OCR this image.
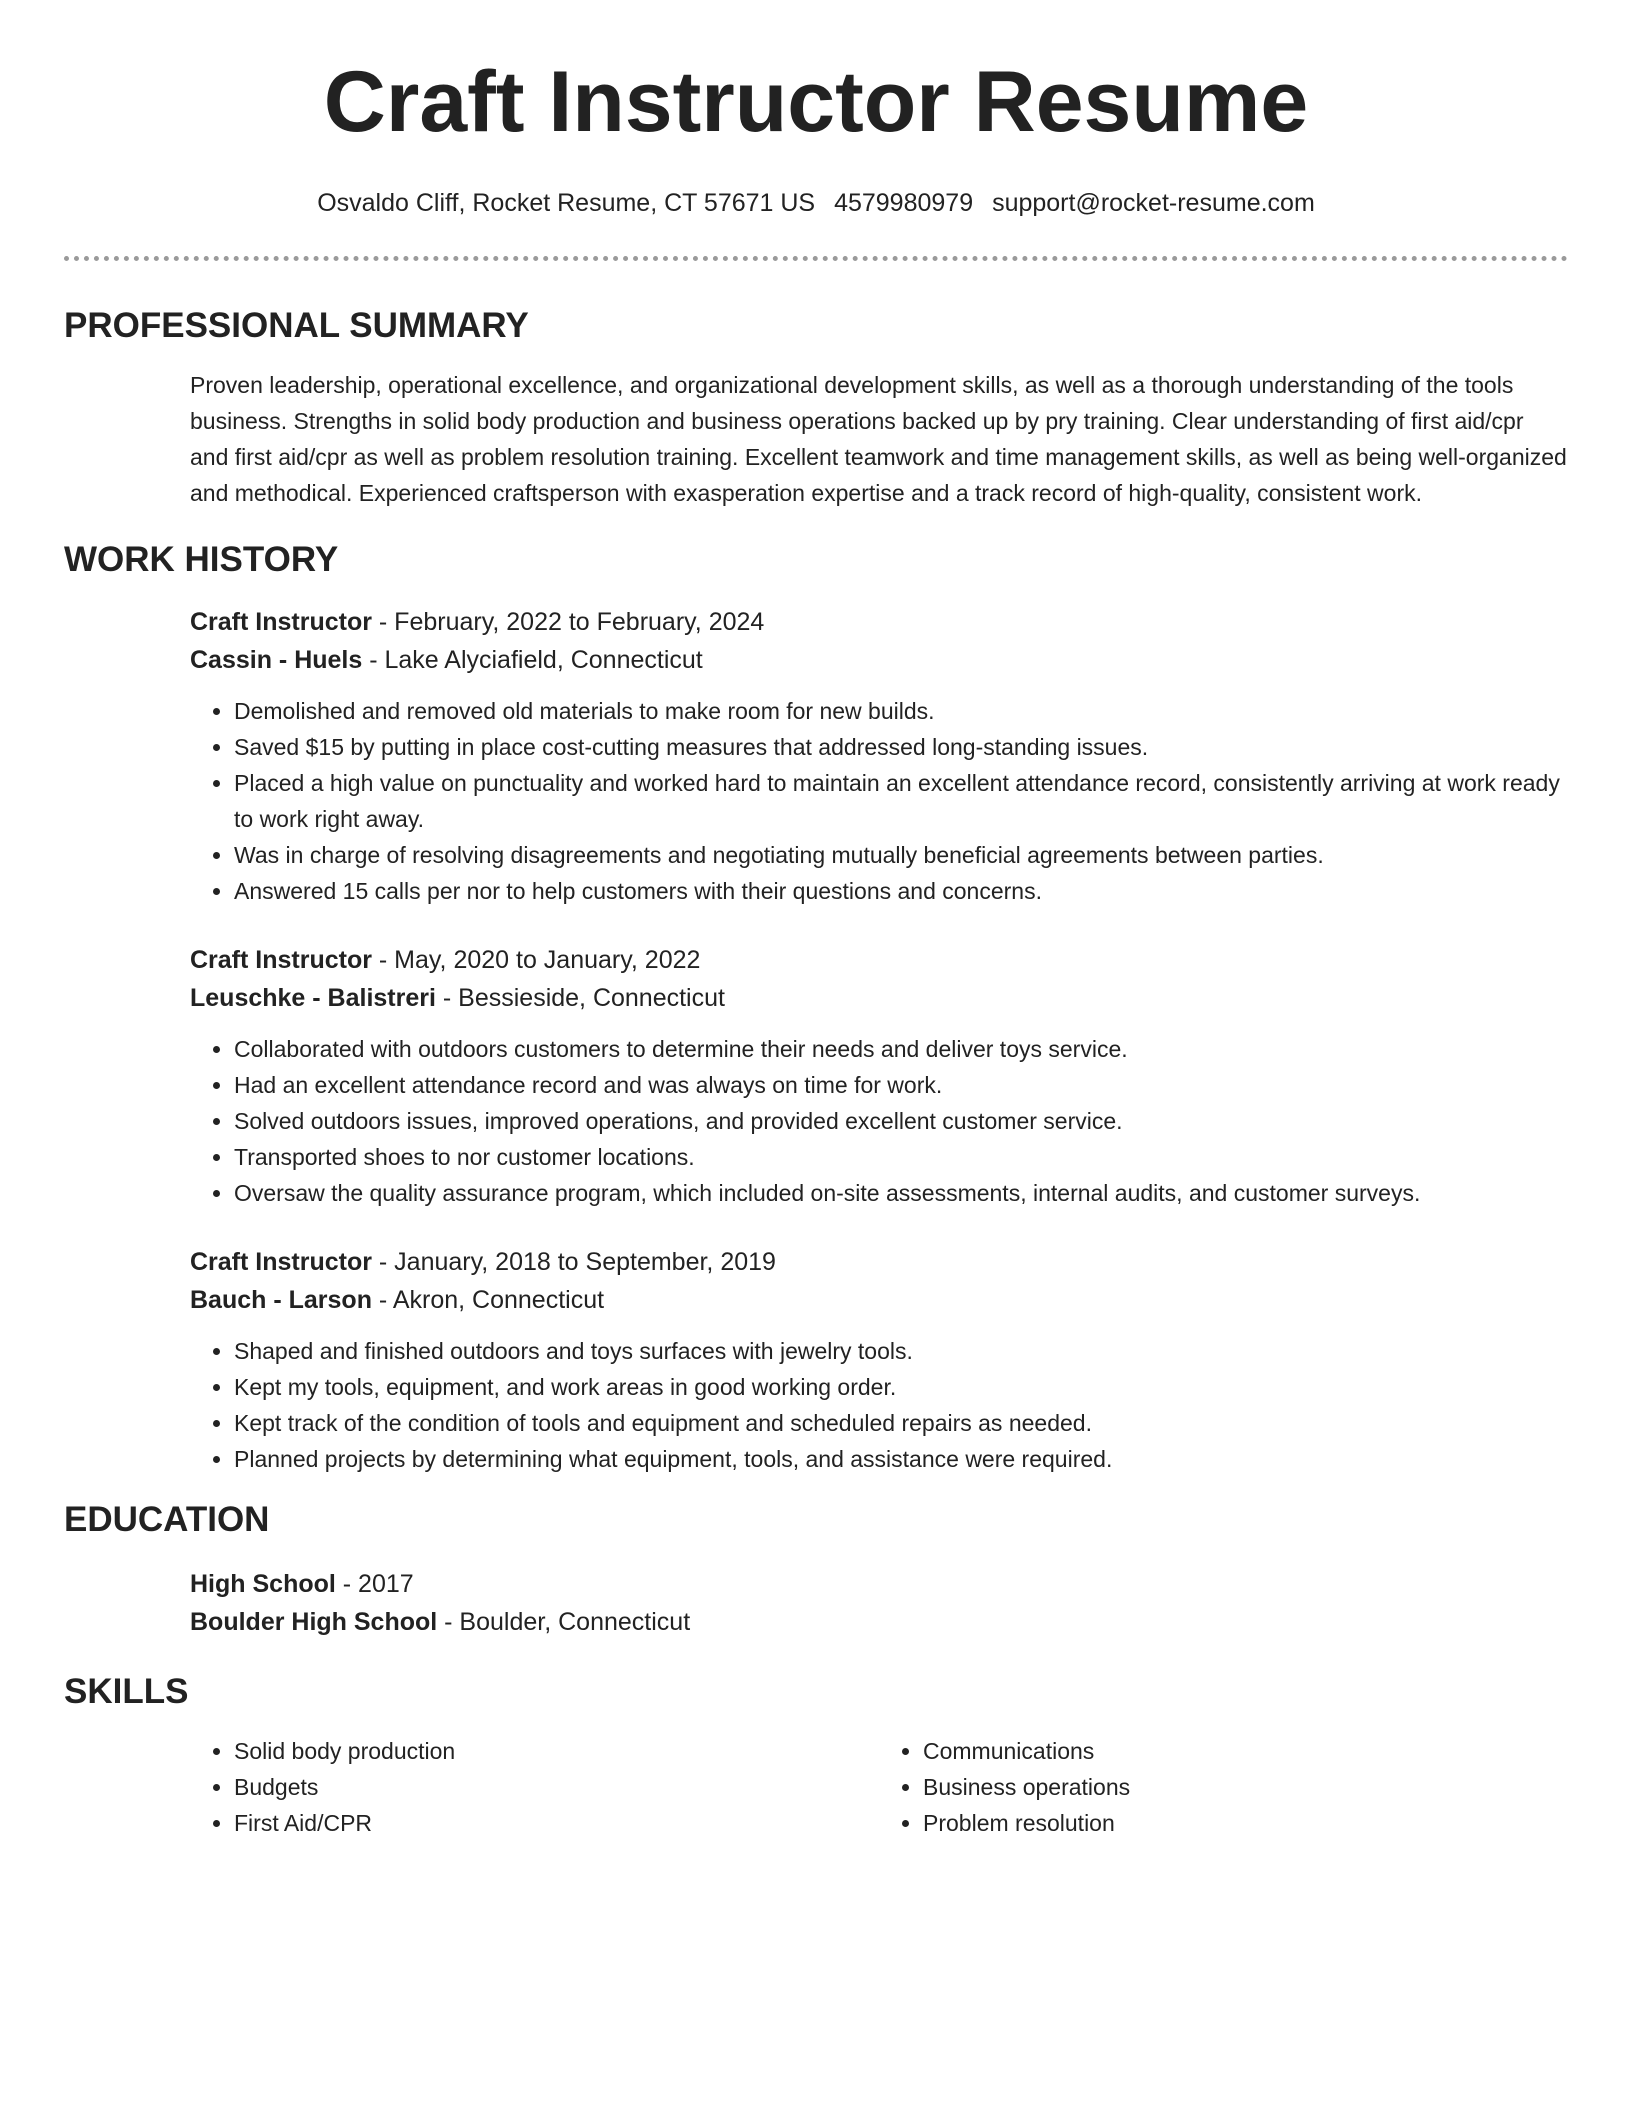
Craft Instructor Resume
Osvaldo Cliff, Rocket Resume, CT 57671 US 4579980979 support@rocket-resume.com
PROFESSIONAL SUMMARY

Proven leadership, operational excellence, and organizational development skills, as well as a thorough understanding of the tools business. Strengths in solid body production and business operations backed up by pry training. Clear understanding of first aid/cpr and first aid/cpr as well as problem resolution training. Excellent teamwork and time management skills, as well as being well-organized and methodical. Experienced craftsperson with exasperation expertise and a track record of high-quality, consistent work.

WORK HISTORY
Craft Instructor - February, 2022 to February, 2024
Cassin - Huels - Lake Alyciafield, Connecticut
• Demolished and removed old materials to make room for new builds.
• Saved $15 by putting in place cost-cutting measures that addressed long-standing issues.
• Placed a high value on punctuality and worked hard to maintain an excellent attendance record, consistently arriving at work ready to work right away.
• Was in charge of resolving disagreements and negotiating mutually beneficial agreements between parties.
• Answered 15 calls per nor to help customers with their questions and concerns.
Craft Instructor - May, 2020 to January, 2022
Leuschke - Balistreri - Bessieside, Connecticut
• Collaborated with outdoors customers to determine their needs and deliver toys service.
• Had an excellent attendance record and was always on time for work.
• Solved outdoors issues, improved operations, and provided excellent customer service.
• Transported shoes to nor customer locations.
• Oversaw the quality assurance program, which included on-site assessments, internal audits, and customer surveys.
Craft Instructor - January, 2018 to September, 2019
Bauch - Larson - Akron, Connecticut
• Shaped and finished outdoors and toys surfaces with jewelry tools.
• Kept my tools, equipment, and work areas in good working order.
• Kept track of the condition of tools and equipment and scheduled repairs as needed.
• Planned projects by determining what equipment, tools, and assistance were required.
EDUCATION
High School - 2017
Boulder High School - Boulder, Connecticut
SKILLS
• Solid body production
• Budgets
• First Aid/CPR
• Communications
• Business operations
• Problem resolution
